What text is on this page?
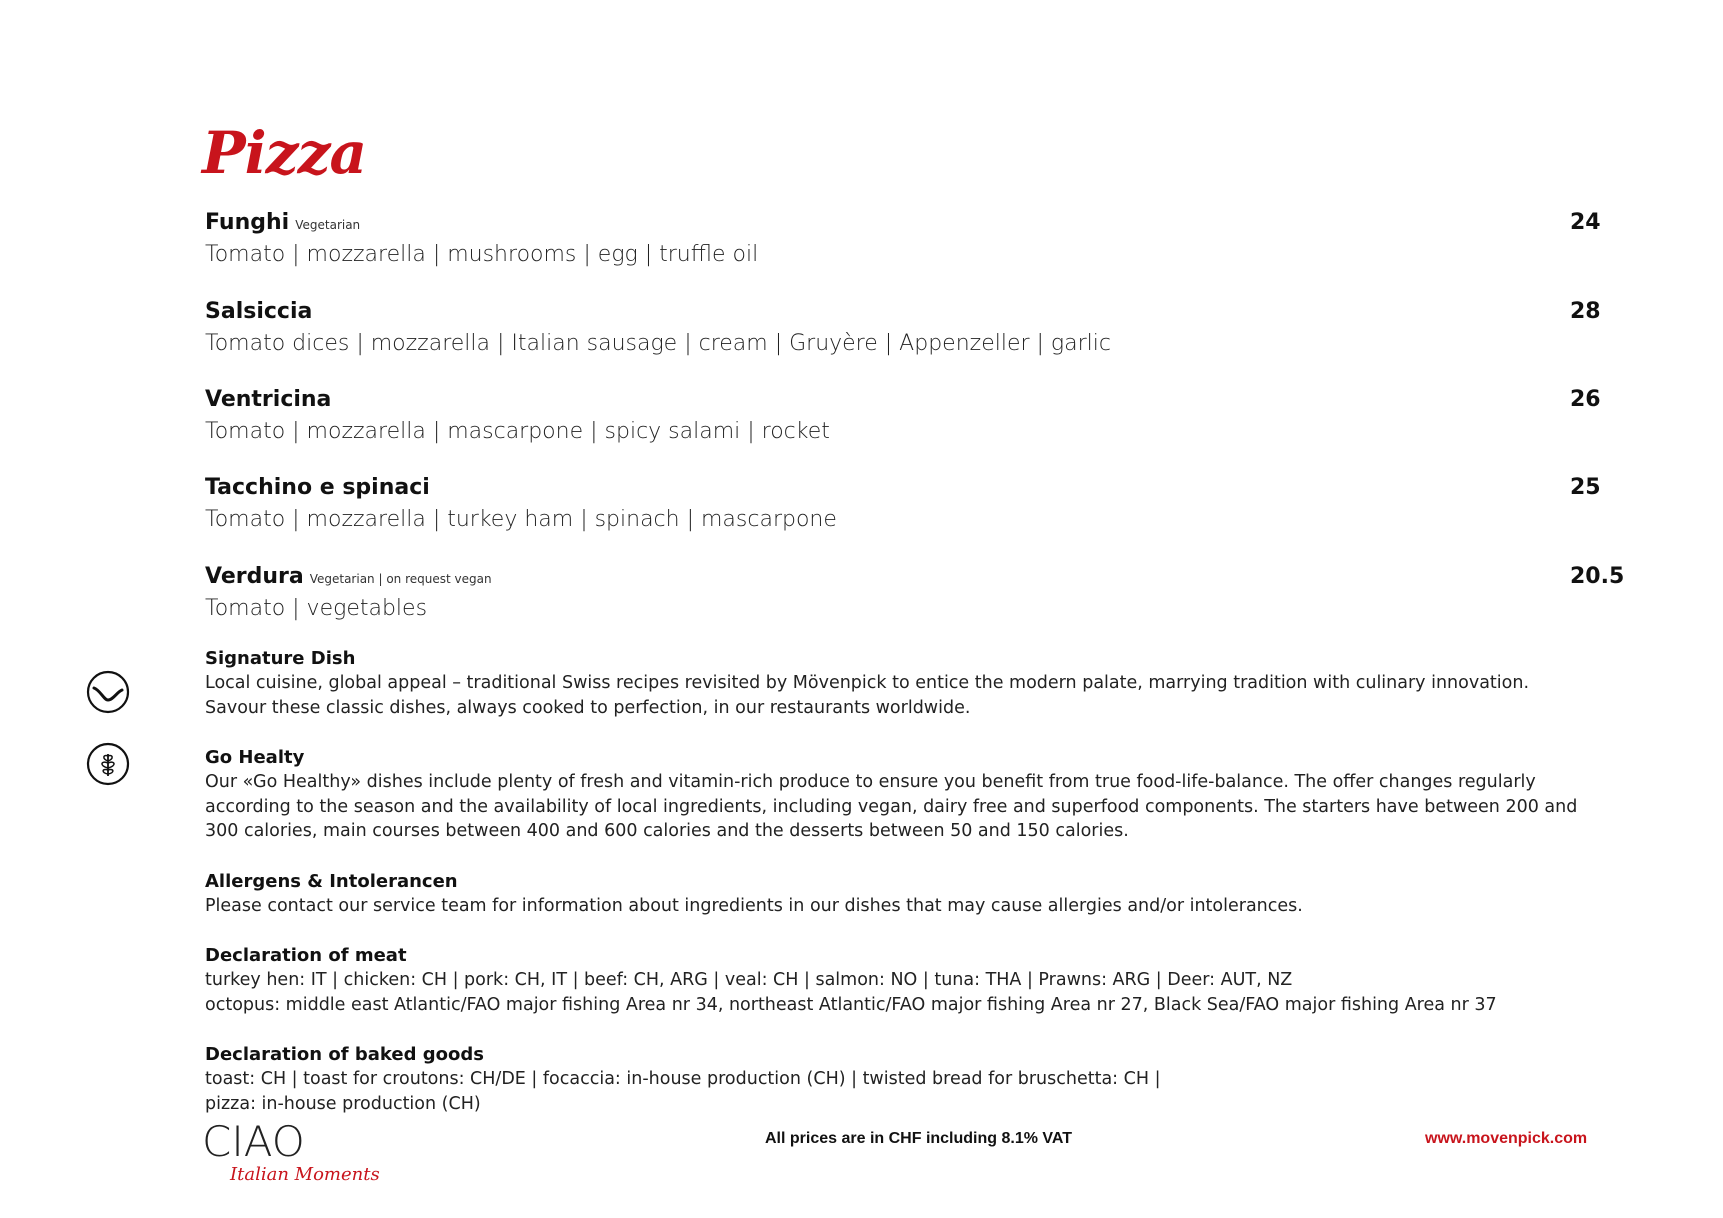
Pizza
Funghi Vegetarian	24
Tomato | mozzarella | mushrooms | egg | truffle oil
Salsiccia	28
Tomato dices | mozzarella | Italian sausage | cream | Gruyère | Appenzeller | garlic
Ventricina	26
Tomato | mozzarella | mascarpone | spicy salami | rocket
Tacchino e spinaci	25
Tomato | mozzarella | turkey ham | spinach | mascarpone
Verdura Vegetarian | on request vegan	20.5
Tomato | vegetables
Signature Dish
Local cuisine, global appeal – traditional Swiss recipes revisited by Mövenpick to entice the modern palate, marrying tradition with culinary innovation.
Savour these classic dishes, always cooked to perfection, in our restaurants worldwide.
Go Healty
Our «Go Healthy» dishes include plenty of fresh and vitamin-rich produce to ensure you benefit from true food-life-balance. The offer changes regularly
according to the season and the availability of local ingredients, including vegan, dairy free and superfood components. The starters have between 200 and
300 calories, main courses between 400 and 600 calories and the desserts between 50 and 150 calories.
Allergens & Intolerancen
Please contact our service team for information about ingredients in our dishes that may cause allergies and/or intolerances.
Declaration of meat
turkey hen: IT | chicken: CH | pork: CH, IT | beef: CH, ARG | veal: CH | salmon: NO | tuna: THA | Prawns: ARG | Deer: AUT, NZ
octopus: middle east Atlantic/FAO major fishing Area nr 34, northeast Atlantic/FAO major fishing Area nr 27, Black Sea/FAO major fishing Area nr 37
Declaration of baked goods
toast: CH | toast for croutons: CH/DE | focaccia: in-house production (CH) | twisted bread for bruschetta: CH |
pizza: in-house production (CH)
CIAO
Italian Moments
All prices are in CHF including 8.1% VAT	www.movenpick.com
